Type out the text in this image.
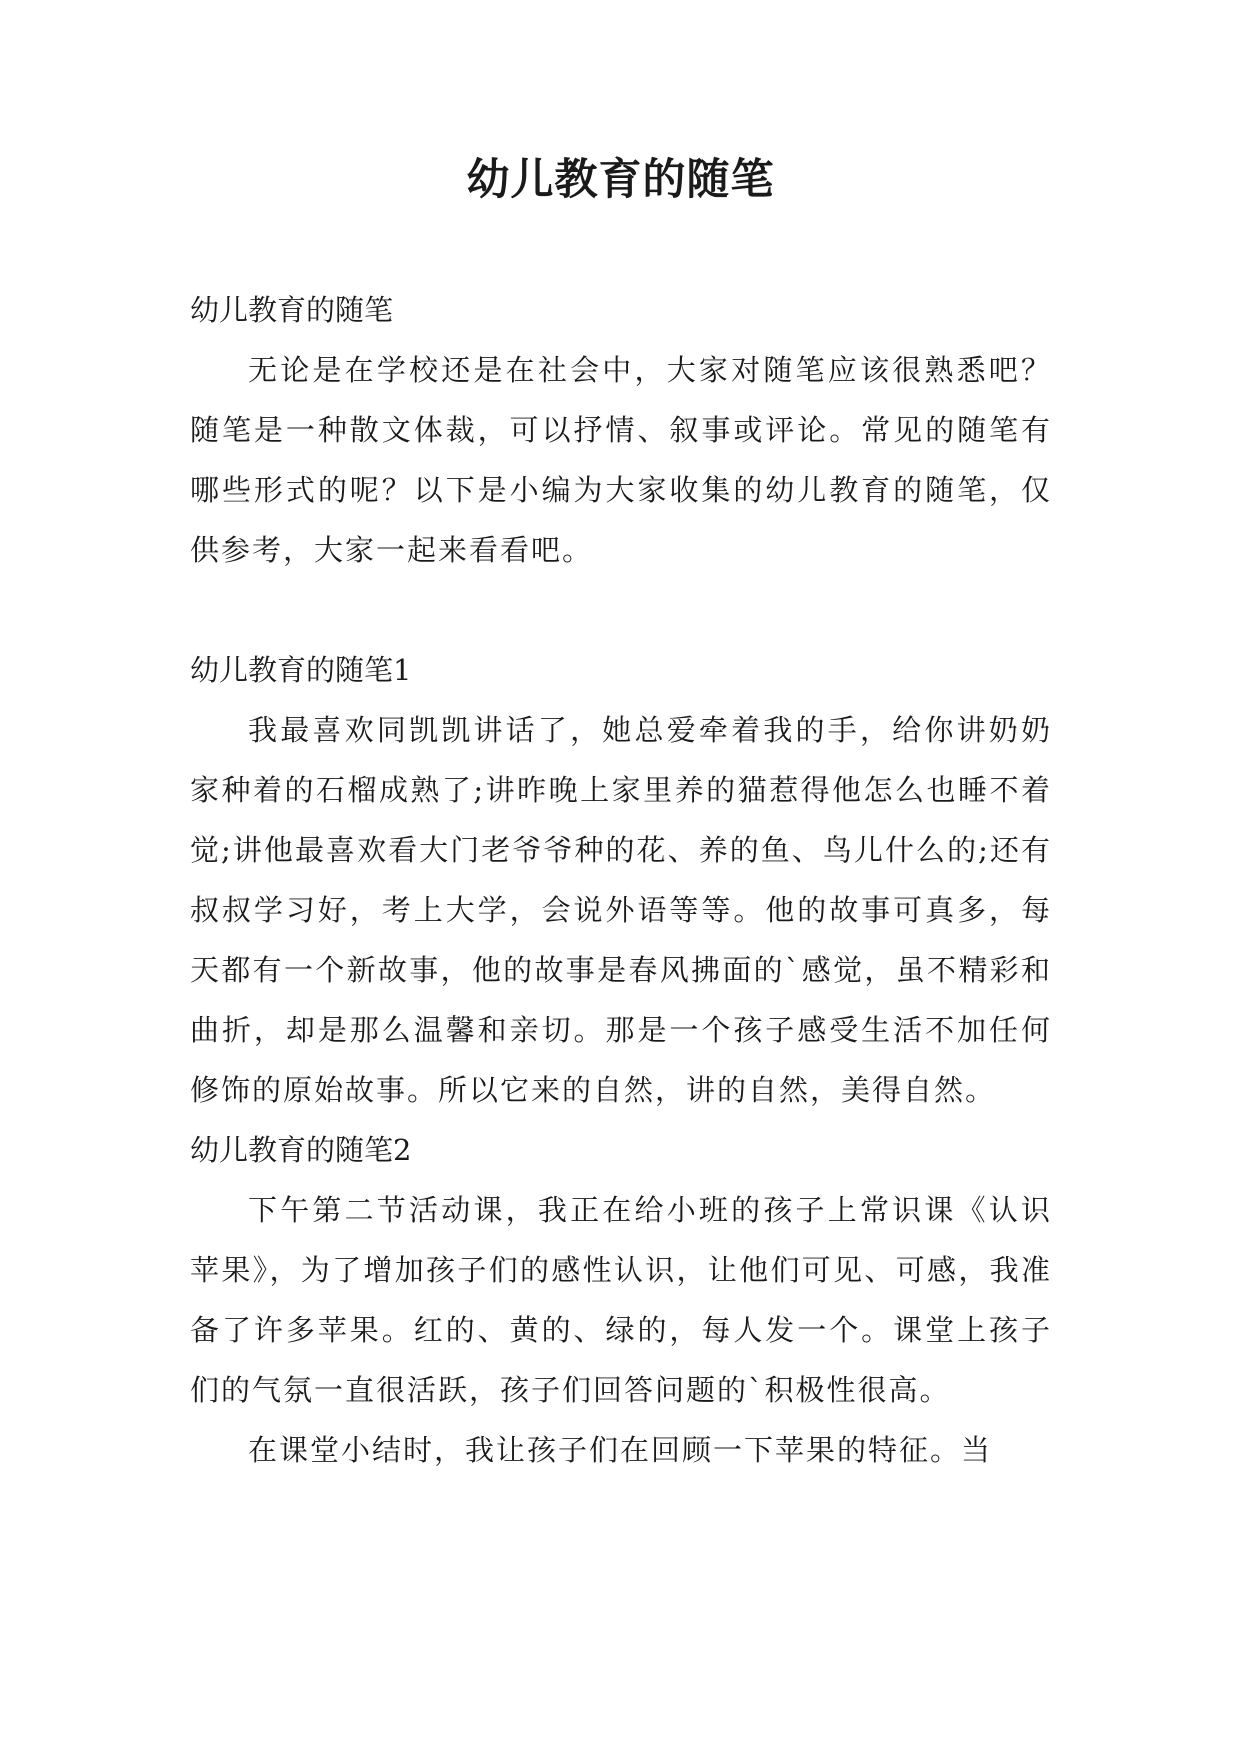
幼儿教育的随笔

幼儿教育的随笔

无论是在学校还是在社会中，大家对随笔应该很熟悉吧？随笔是一种散文体裁，可以抒情、叙事或评论。常见的随笔有哪些形式的呢？以下是小编为大家收集的幼儿教育的随笔，仅供参考，大家一起来看看吧。

幼儿教育的随笔1

我最喜欢同凯凯讲话了，她总爱牵着我的手，给你讲奶奶家种着的石榴成熟了;讲昨晚上家里养的猫惹得他怎么也睡不着觉;讲他最喜欢看大门老爷爷种的花、养的鱼、鸟儿什么的;还有叔叔学习好，考上大学，会说外语等等。他的故事可真多，每天都有一个新故事，他的故事是春风拂面的`感觉，虽不精彩和曲折，却是那么温馨和亲切。那是一个孩子感受生活不加任何修饰的原始故事。所以它来的自然，讲的自然，美得自然。

幼儿教育的随笔2

下午第二节活动课，我正在给小班的孩子上常识课《认识苹果》，为了增加孩子们的感性认识，让他们可见、可感，我准备了许多苹果。红的、黄的、绿的，每人发一个。课堂上孩子们的气氛一直很活跃，孩子们回答问题的`积极性很高。

在课堂小结时，我让孩子们在回顾一下苹果的特征。当
